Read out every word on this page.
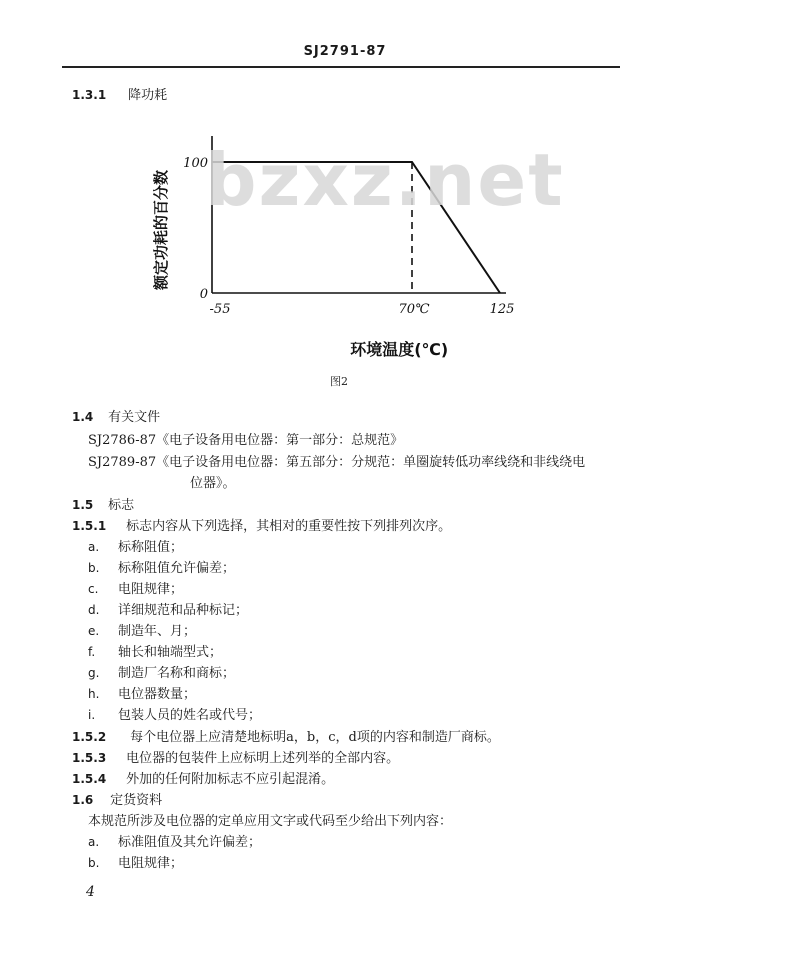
SJ2791-87
1.3.1 降功耗
0
100
-55	70℃	125
环境温度(℃)
额定功耗的百分数 bzxz.net
图2
1.4 有关文件
SJ2786-87《电子设备用电位器：第一部分：总规范》
SJ2789-87《电子设备用电位器：第五部分：分规范：单圈旋转低功率线绕和非线绕电
位器》。
1.5 标志
1.5.1 标志内容从下列选择，其相对的重要性按下列排列次序。
a. 标称阻值；
b. 标称阻值允许偏差；
c. 电阻规律；
d. 详细规范和品种标记；
e. 制造年、月；
f. 轴长和轴端型式；
g. 制造厂名称和商标；
h. 电位器数量；
i. 包装人员的姓名或代号；
1.5.2 每个电位器上应清楚地标明a，b，c，d项的内容和制造厂商标。
1.5.3 电位器的包装件上应标明上述列举的全部内容。
1.5.4 外加的任何附加标志不应引起混淆。
1.6 定货资料
本规范所涉及电位器的定单应用文字或代码至少给出下列内容：
a. 标准阻值及其允许偏差；
b. 电阻规律；
4
